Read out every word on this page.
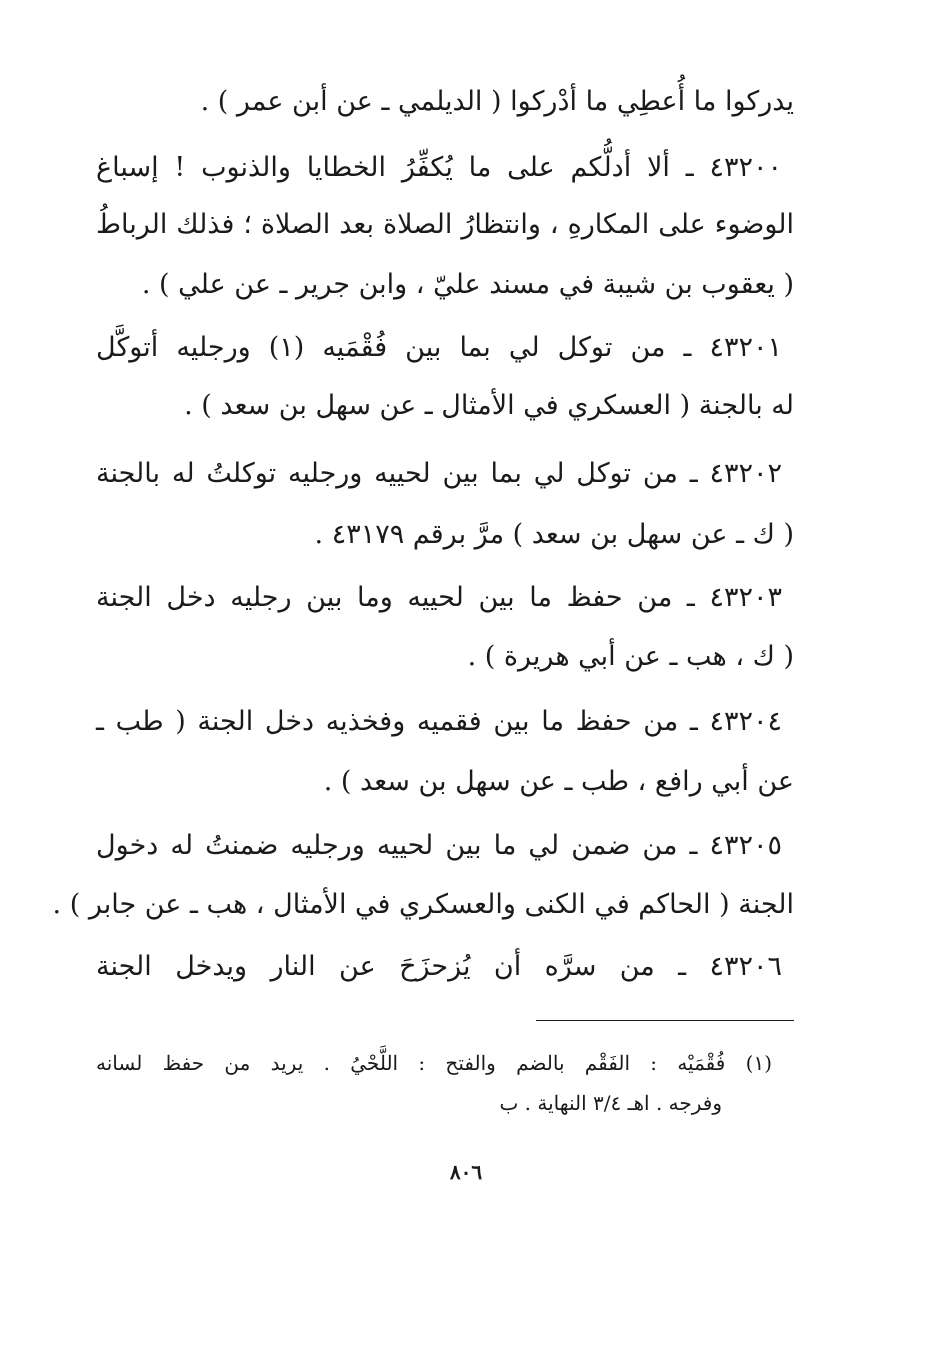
يدركوا ما أُعطِي ما أدْركوا ( الديلمي ـ عن أبن عمر ) .
٤٣٢٠٠ ـ ألا أدلُّكم على ما يُكفِّرُ الخطايا والذنوب ! إسباغ
الوضوء على المكارهِ ، وانتظارُ الصلاة بعد الصلاة ؛ فذلك الرباطُ
( يعقوب بن شيبة في مسند عليّ ، وابن جرير ـ عن علي ) .
٤٣٢٠١ ـ من توكل لي بما بين فُقْمَيه (١) ورجليه أتوكَّل
له بالجنة ( العسكري في الأمثال ـ عن سهل بن سعد ) .
٤٣٢٠٢ ـ من توكل لي بما بين لحييه ورجليه توكلتُ له بالجنة
( ك ـ عن سهل بن سعد ) مرَّ برقم ٤٣١٧٩ .
٤٣٢٠٣ ـ من حفظ ما بين لحييه وما بين رجليه دخل الجنة
( ك ، هب ـ عن أبي هريرة ) .
٤٣٢٠٤ ـ من حفظ ما بين فقميه وفخذيه دخل الجنة ( طب ـ
عن أبي رافع ، طب ـ عن سهل بن سعد ) .
٤٣٢٠٥ ـ من ضمن لي ما بين لحييه ورجليه ضمنتُ له دخول
الجنة ( الحاكم في الكنى والعسكري في الأمثال ، هب ـ عن جابر ) .
٤٣٢٠٦ ـ من سرَّه أن يُزحزَحَ عن النار ويدخل الجنة
(١) فُقْمَيْه : الفَقْم بالضم والفتح : اللَّحْيُ . يريد من حفظ لسانه
وفرجه . اهـ ٣/٤ النهاية . ب
٨٠٦
